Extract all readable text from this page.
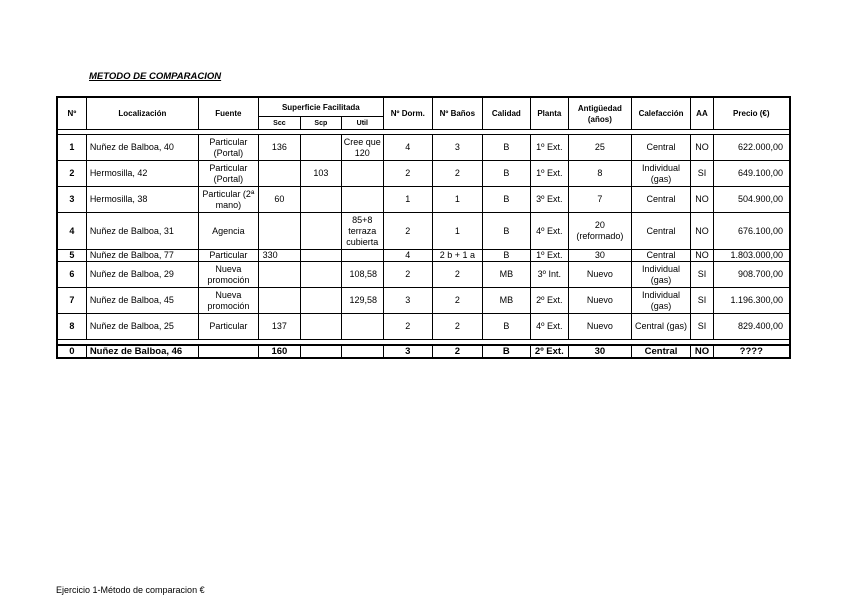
METODO DE COMPARACION
Nº	Localización	Fuente	Superficie Facilitada			Nº Dorm.	Nº Baños	Calidad	Planta	Antigüedad (años)	Calefacción	AA	Precio (€)
			Scc	Scp	Util								

1	Nuñez de Balboa, 40	Particular (Portal)	136		Cree que 120	4	3	B	1º Ext.	25	Central	NO	622.000,00
2	Hermosilla, 42	Particular (Portal)		103		2	2	B	1º Ext.	8	Individual (gas)	SI	649.100,00
3	Hermosilla, 38	Particular (2ª mano)	60			1	1	B	3º Ext.	7	Central	NO	504.900,00
4	Nuñez de Balboa, 31	Agencia			85+8 terraza cubierta	2	1	B	4º Ext.	20 (reformado)	Central	NO	676.100,00
5	Nuñez de Balboa, 77	Particular	330			4	2 b + 1 a	B	1º Ext.	30	Central	NO	1.803.000,00
6	Nuñez de Balboa, 29	Nueva promoción			108,58	2	2	MB	3º Int.	Nuevo	Individual (gas)	SI	908.700,00
7	Nuñez de Balboa, 45	Nueva promoción			129,58	3	2	MB	2º Ext.	Nuevo	Individual (gas)	SI	1.196.300,00
8	Nuñez de Balboa, 25	Particular	137			2	2	B	4º Ext.	Nuevo	Central (gas)	SI	829.400,00

0	Nuñez de Balboa, 46		160			3	2	B	2º Ext.	30	Central	NO	????
Ejercicio 1-Método de comparacion €
